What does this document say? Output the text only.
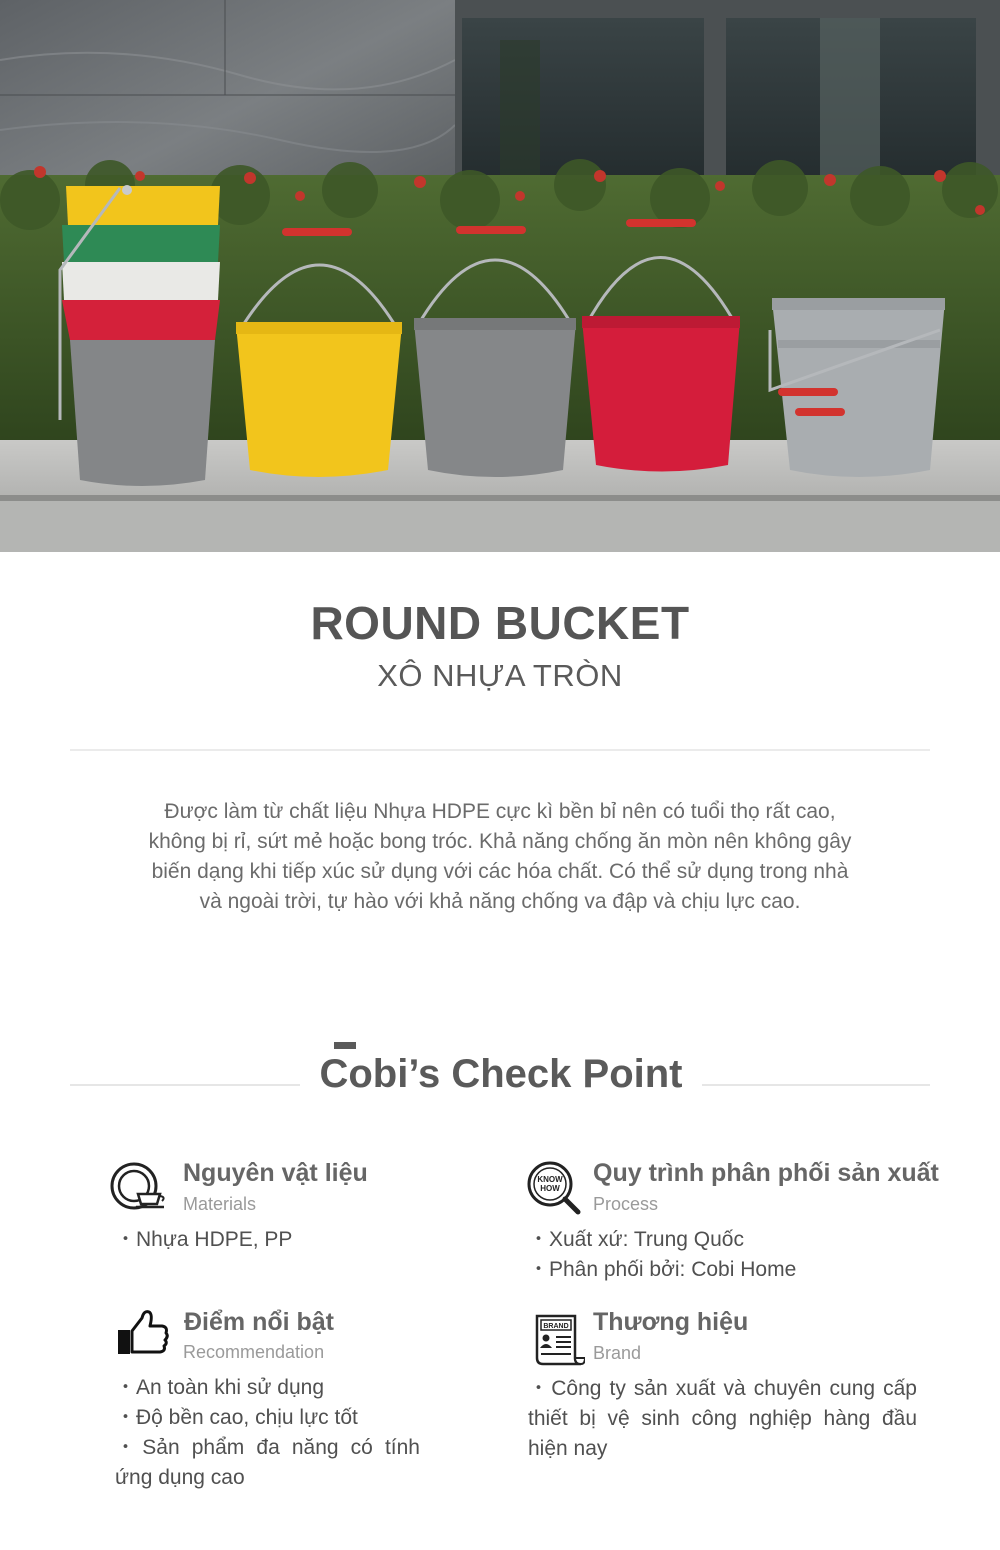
ROUND BUCKET
XÔ NHỰA TRÒN

Được làm từ chất liệu Nhựa HDPE cực kì bền bỉ nên có tuổi thọ rất cao, không bị rỉ, sứt mẻ hoặc bong tróc. Khả năng chống ăn mòn nên không gây biến dạng khi tiếp xúc sử dụng với các hóa chất. Có thể sử dụng trong nhà và ngoài trời, tự hào với khả năng chống va đập và chịu lực cao.

Cobi’s Check Point
Nguyên vật liệu
Materials
・Nhựa HDPE, PP
KNOW
HOW
Quy trình phân phối sản xuất
Process
・Xuất xứ: Trung Quốc
・Phân phối bởi: Cobi Home
Điểm nổi bật
Recommendation
・An toàn khi sử dụng
・Độ bền cao, chịu lực tốt
・Sản phẩm đa năng có tính ứng dụng cao
BRAND Thương hiệu
Brand
・Công ty sản xuất và chuyên cung cấp thiết bị vệ sinh công nghiệp hàng đầu hiện nay
